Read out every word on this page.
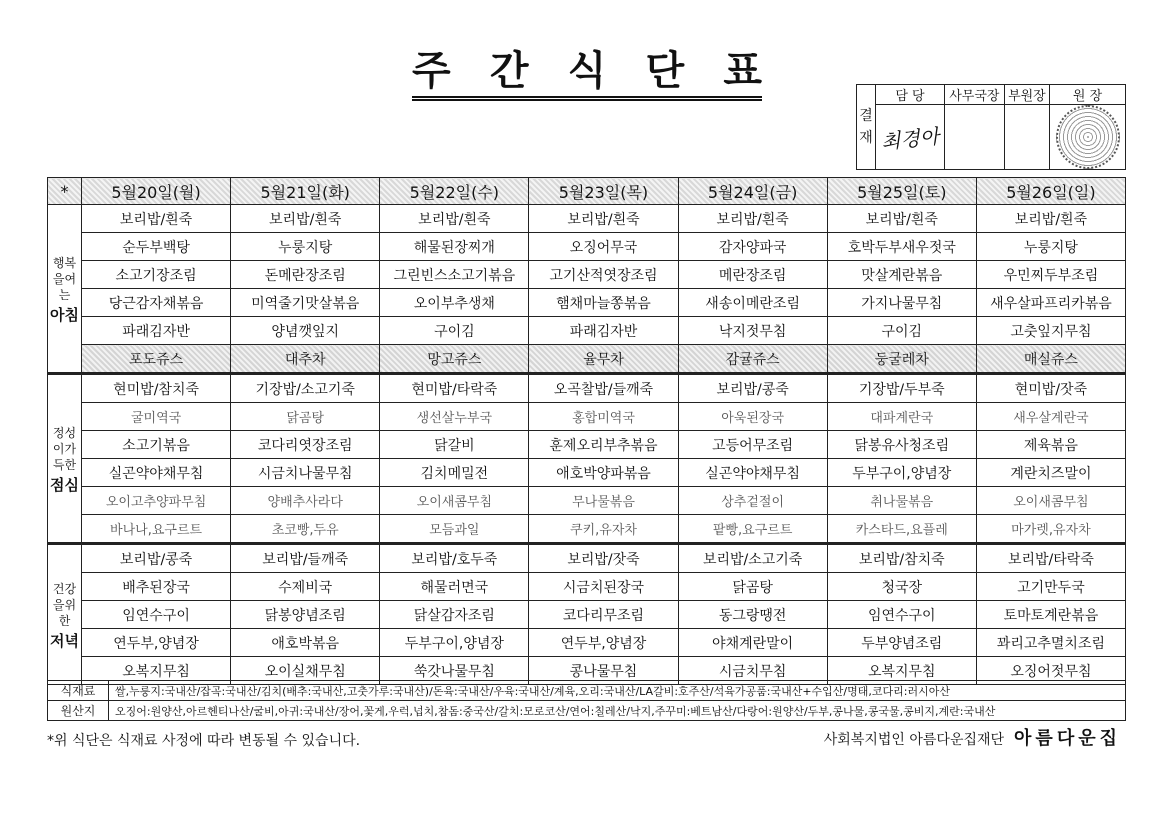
주 간 식 단 표
결재	담 당	사무국장	부원장	원 장
	최경아			
*	5월20일(월)	5월21일(화)	5월22일(수)	5월23일(목)	5월24일(금)	5월25일(토)	5월26일(일)
행복을여는
아침	보리밥/흰죽	보리밥/흰죽	보리밥/흰죽	보리밥/흰죽	보리밥/흰죽	보리밥/흰죽	보리밥/흰죽
	순두부백탕	누룽지탕	해물된장찌개	오징어무국	감자양파국	호박두부새우젓국	누룽지탕
	소고기장조림	돈메란장조림	그린빈스소고기볶음	고기산적엿장조림	메란장조림	맛살계란볶음	우민찌두부조림
	당근감자채볶음	미역줄기맛살볶음	오이부추생채	햄채마늘쫑볶음	새송이메란조림	가지나물무침	새우살파프리카볶음
	파래김자반	양념깻잎지	구이김	파래김자반	낙지젓무침	구이김	고춧잎지무침
	포도쥬스	대추차	망고쥬스	율무차	감귤쥬스	둥굴레차	매실쥬스
정성이가득한
점심	현미밥/참치죽	기장밥/소고기죽	현미밥/타락죽	오곡찰밥/들깨죽	보리밥/콩죽	기장밥/두부죽	현미밥/잣죽
	굴미역국	닭곰탕	생선살누부국	홍합미역국	아욱된장국	대파계란국	새우살계란국
	소고기볶음	코다리엿장조림	닭갈비	훈제오리부추볶음	고등어무조림	닭봉유사청조림	제육볶음
	실곤약야채무침	시금치나물무침	김치메밀전	애호박양파볶음	실곤약야채무침	두부구이,양념장	계란치즈말이
	오이고추양파무침	양배추사라다	오이새콤무침	무나물볶음	상추겉절이	취나물볶음	오이새콤무침
	바나나,요구르트	초코빵,두유	모듬과일	쿠키,유자차	팥빵,요구르트	카스타드,요플레	마가렛,유자차
건강을위한
저녁	보리밥/콩죽	보리밥/들깨죽	보리밥/호두죽	보리밥/잣죽	보리밥/소고기죽	보리밥/참치죽	보리밥/타락죽
	배추된장국	수제비국	해물러면국	시금치된장국	닭곰탕	청국장	고기만두국
	임연수구이	닭봉양념조림	닭살감자조림	코다리무조림	동그랑땡전	임연수구이	토마토계란볶음
	연두부,양념장	애호박볶음	두부구이,양념장	연두부,양념장	야채계란말이	두부양념조림	꽈리고추멸치조림
	오복지무침	오이실채무침	쑥갓나물무침	콩나물무침	시금치무침	오복지무침	오징어젓무침
식재료	쌀,누룽지:국내산/잡곡:국내산/김치(배추:국내산,고춧가루:국내산)/돈육:국내산/우육:국내산/계육,오리:국내산/LA갈비:호주산/석육가공품:국내산+수입산/명태,코다리:러시아산
원산지	오징어:원양산,아르헨티나산/굴비,아귀:국내산/장어,꽃게,우럭,넙치,참돔:중국산/갈치:모로코산/연어:칠레산/낙지,주꾸미:베트남산/다랑어:원양산/두부,콩나물,콩국물,콩비지,계란:국내산
*위 식단은 식재료 사정에 따라 변동될 수 있습니다.	사회복지법인 아름다운집재단 아름다운집
